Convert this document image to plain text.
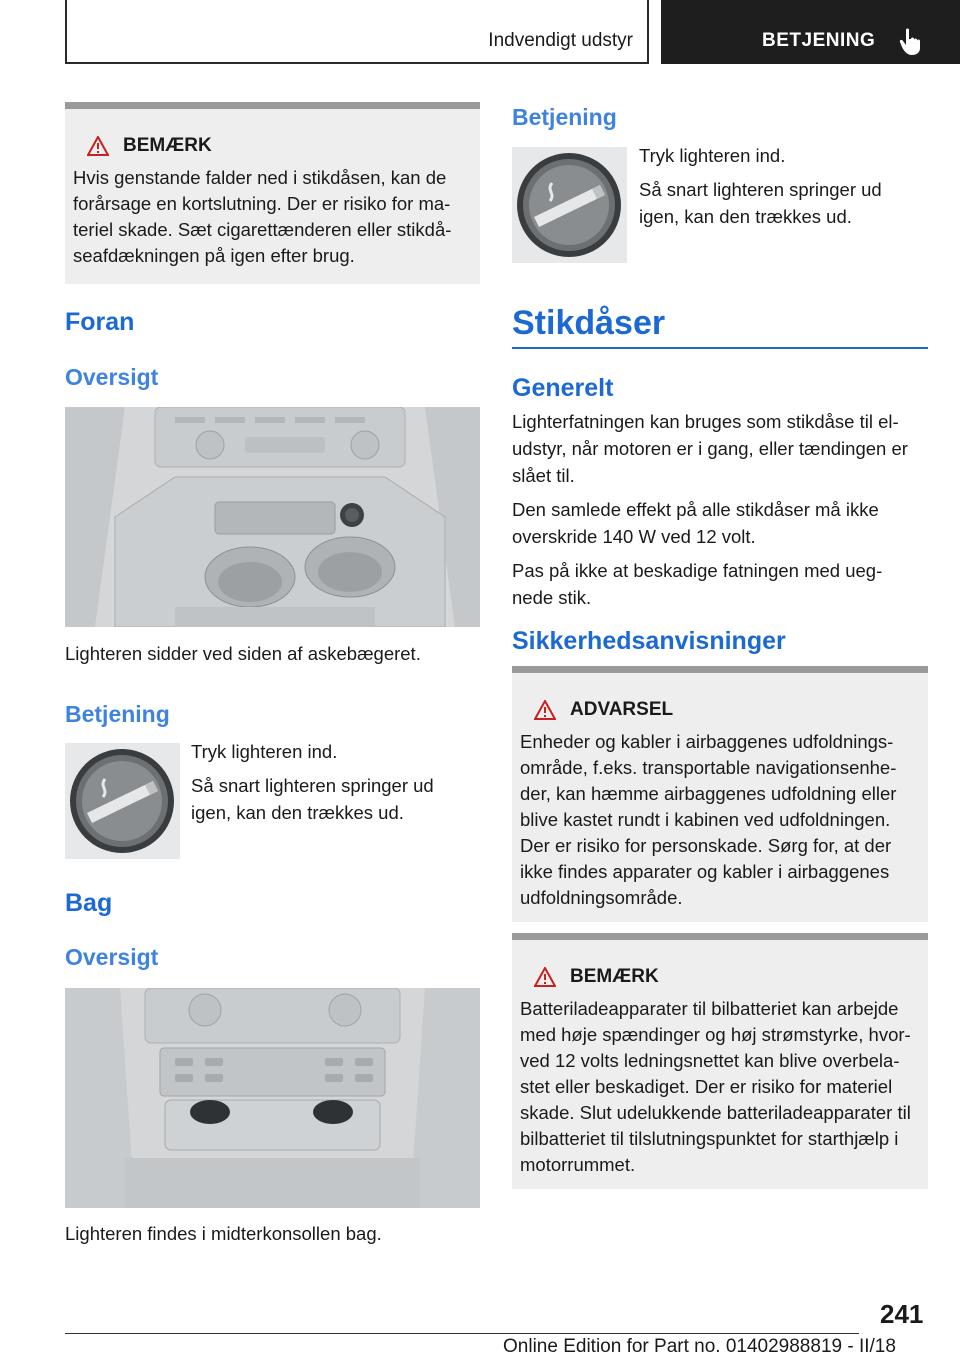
Indvendigt udstyr	BETJENING
BEMÆRK

Hvis genstande falder ned i stikdåsen, kan de

forårsage en kortslutning. Der er risiko for ma-

teriel skade. Sæt cigarettænderen eller stikdå-

seafdækningen på igen efter brug.

Foran
Oversigt
Lighteren sidder ved siden af askebægeret.
Betjening

Tryk lighteren ind.

Så snart lighteren springer ud
igen, kan den trækkes ud.
Bag
Oversigt
Lighteren findes i midterkonsollen bag.
Betjening

Tryk lighteren ind.

Så snart lighteren springer ud
igen, kan den trækkes ud.
Stikdåser
Generelt

Lighterfatningen kan bruges som stikdåse til el-
udstyr, når motoren er i gang, eller tændingen er
slået til.

Den samlede effekt på alle stikdåser må ikke
overskride 140 W ved 12 volt.

Pas på ikke at beskadige fatningen med ueg-
nede stik.

Sikkerhedsanvisninger
ADVARSEL

Enheder og kabler i airbaggenes udfoldnings-

område, f.eks. transportable navigationsenhe-

der, kan hæmme airbaggenes udfoldning eller

blive kastet rundt i kabinen ved udfoldningen.

Der er risiko for personskade. Sørg for, at der

ikke findes apparater og kabler i airbaggenes

udfoldningsområde.

BEMÆRK

Batteriladeapparater til bilbatteriet kan arbejde

med høje spændinger og høj strømstyrke, hvor-

ved 12 volts ledningsnettet kan blive overbela-

stet eller beskadiget. Der er risiko for materiel

skade. Slut udelukkende batteriladeapparater til

bilbatteriet til tilslutningspunktet for starthjælp i

motorrummet.

241
Online Edition for Part no. 01402988819 - II/18
